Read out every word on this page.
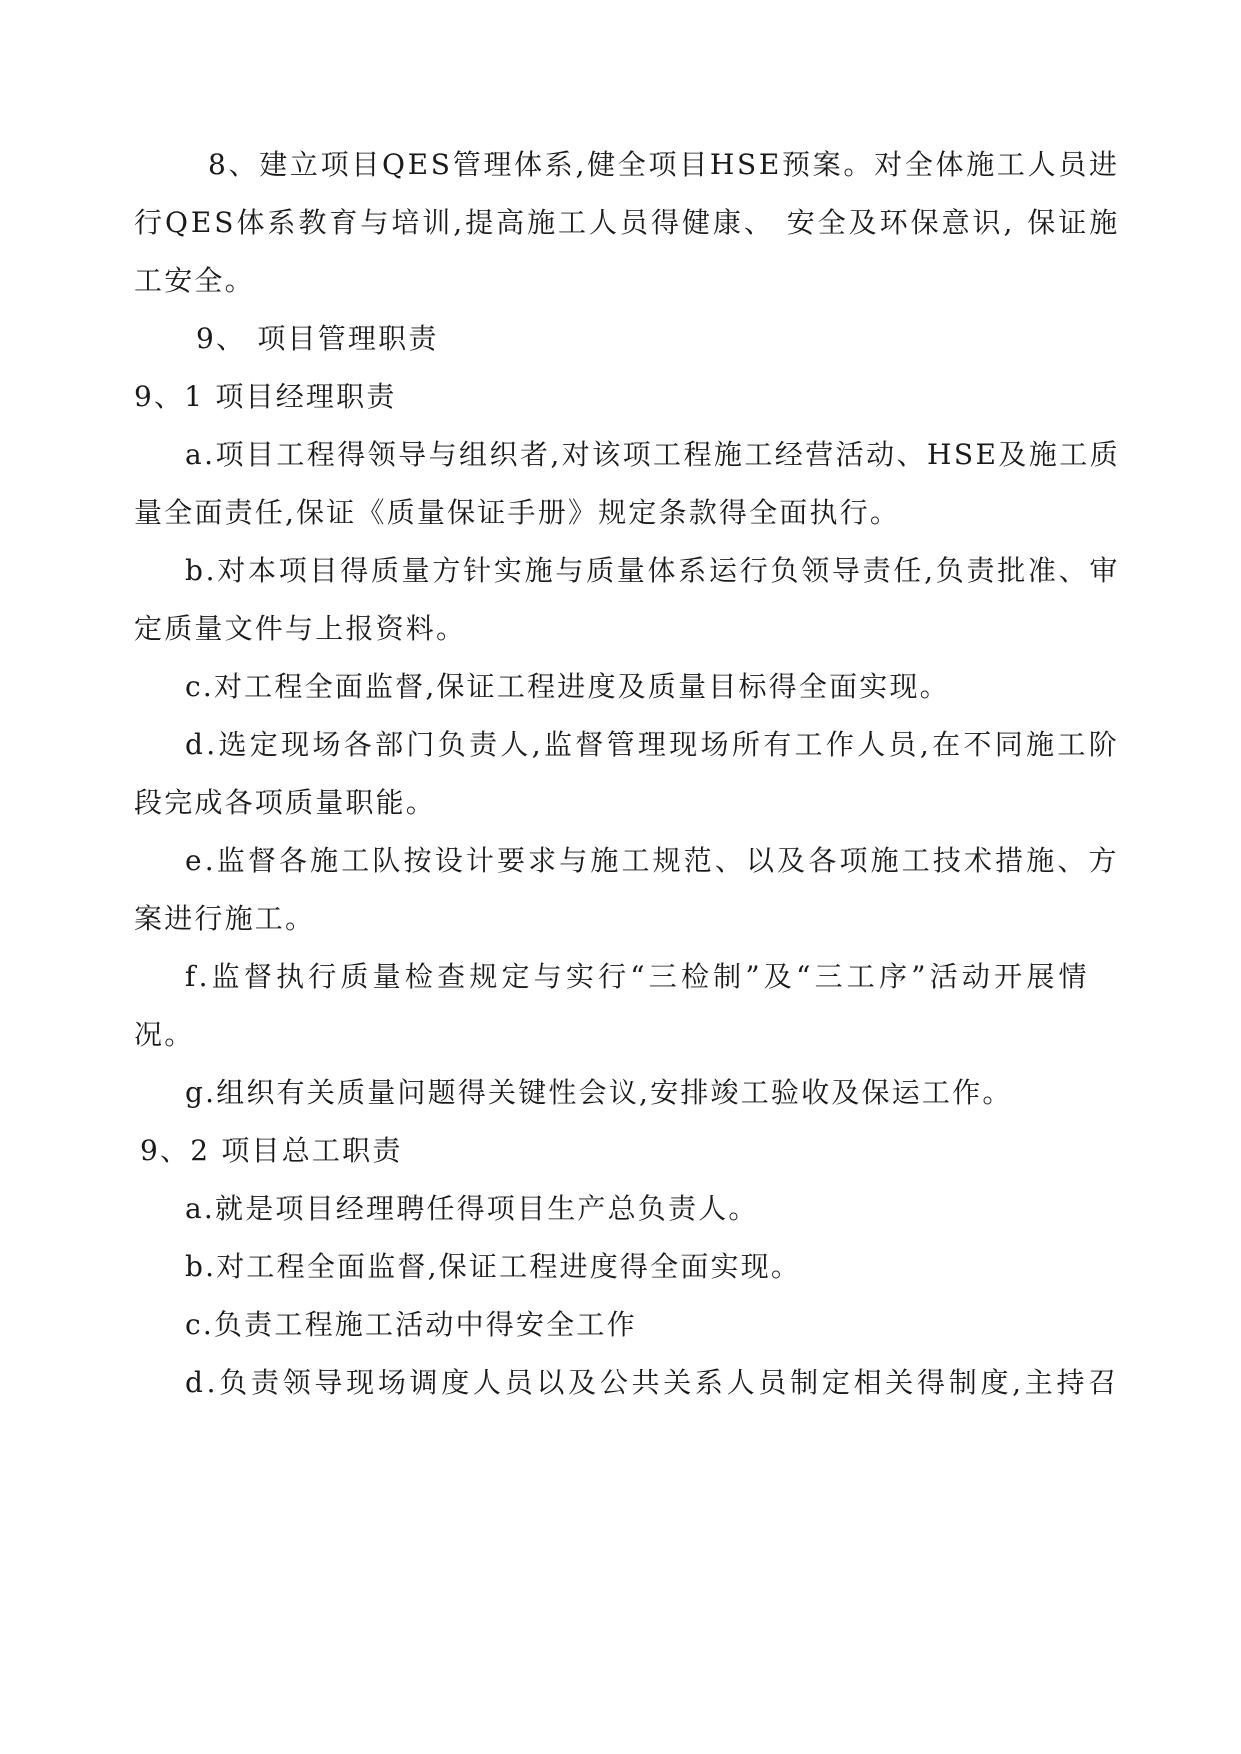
8、建立项目QES管理体系,健全项目HSE预案。对全体施工人员进
行QES体系教育与培训,提高施工人员得健康、 安全及环保意识, 保证施
工安全。
9、 项目管理职责
9、1 项目经理职责
a.项目工程得领导与组织者,对该项工程施工经营活动、HSE及施工质
量全面责任,保证《质量保证手册》规定条款得全面执行。
b.对本项目得质量方针实施与质量体系运行负领导责任,负责批准、审
定质量文件与上报资料。
c.对工程全面监督,保证工程进度及质量目标得全面实现。
d.选定现场各部门负责人,监督管理现场所有工作人员,在不同施工阶
段完成各项质量职能。
e.监督各施工队按设计要求与施工规范、以及各项施工技术措施、方
案进行施工。
f.监督执行质量检查规定与实行“三检制”及“三工序”活动开展情
况。
g.组织有关质量问题得关键性会议,安排竣工验收及保运工作。
9、2 项目总工职责
a.就是项目经理聘任得项目生产总负责人。
b.对工程全面监督,保证工程进度得全面实现。
c.负责工程施工活动中得安全工作
d.负责领导现场调度人员以及公共关系人员制定相关得制度,主持召
